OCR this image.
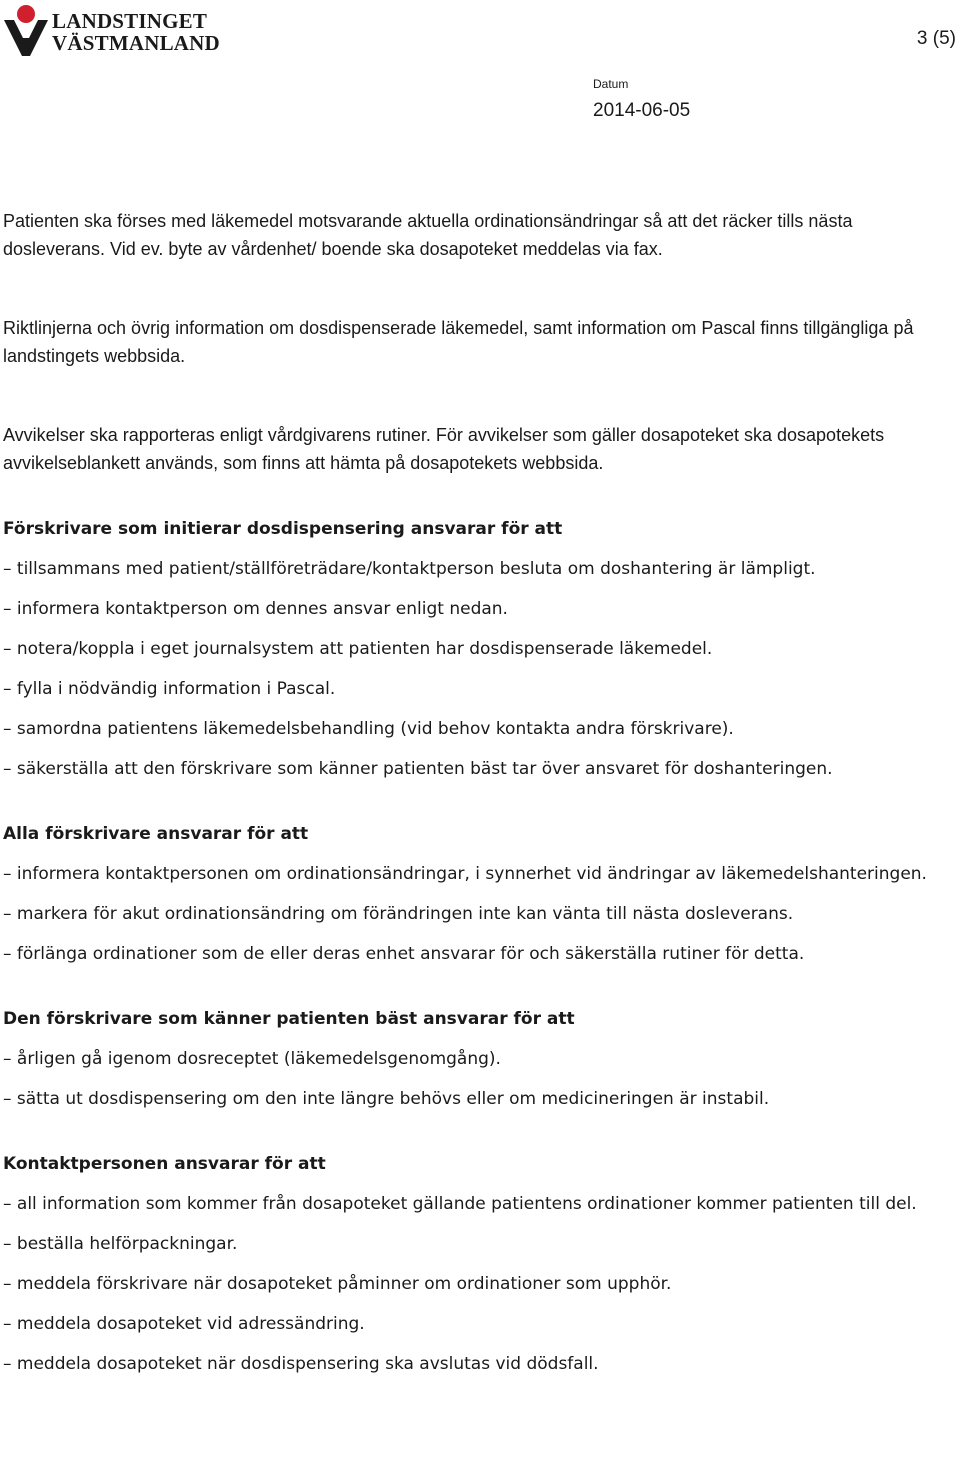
LANDSTINGET
VÄSTMANLAND	3 (5)
Datum
2014-06-05

Patienten ska förses med läkemedel motsvarande aktuella ordinationsändringar så att det räcker tills nästa dosleverans. Vid ev. byte av vårdenhet/ boende ska dosapoteket meddelas via fax.

Riktlinjerna och övrig information om dosdispenserade läkemedel, samt information om Pascal finns tillgängliga på landstingets webbsida.

Avvikelser ska rapporteras enligt vårdgivarens rutiner. För avvikelser som gäller dosapoteket ska dosapotekets avvikelseblankett används, som finns att hämta på dosapotekets webbsida.

Förskrivare som initierar dosdispensering ansvarar för att

– tillsammans med patient/ställföreträdare/kontaktperson besluta om doshantering är lämpligt.

– informera kontaktperson om dennes ansvar enligt nedan.

– notera/koppla i eget journalsystem att patienten har dosdispenserade läkemedel.

– fylla i nödvändig information i Pascal.

– samordna patientens läkemedelsbehandling (vid behov kontakta andra förskrivare).

– säkerställa att den förskrivare som känner patienten bäst tar över ansvaret för doshanteringen.

Alla förskrivare ansvarar för att

– informera kontaktpersonen om ordinationsändringar, i synnerhet vid ändringar av läkemedelshanteringen.

– markera för akut ordinationsändring om förändringen inte kan vänta till nästa dosleverans.

– förlänga ordinationer som de eller deras enhet ansvarar för och säkerställa rutiner för detta.

Den förskrivare som känner patienten bäst ansvarar för att

– årligen gå igenom dosreceptet (läkemedelsgenomgång).

– sätta ut dosdispensering om den inte längre behövs eller om medicineringen är instabil.

Kontaktpersonen ansvarar för att

– all information som kommer från dosapoteket gällande patientens ordinationer kommer patienten till del.

– beställa helförpackningar.

– meddela förskrivare när dosapoteket påminner om ordinationer som upphör.

– meddela dosapoteket vid adressändring.

– meddela dosapoteket när dosdispensering ska avslutas vid dödsfall.
